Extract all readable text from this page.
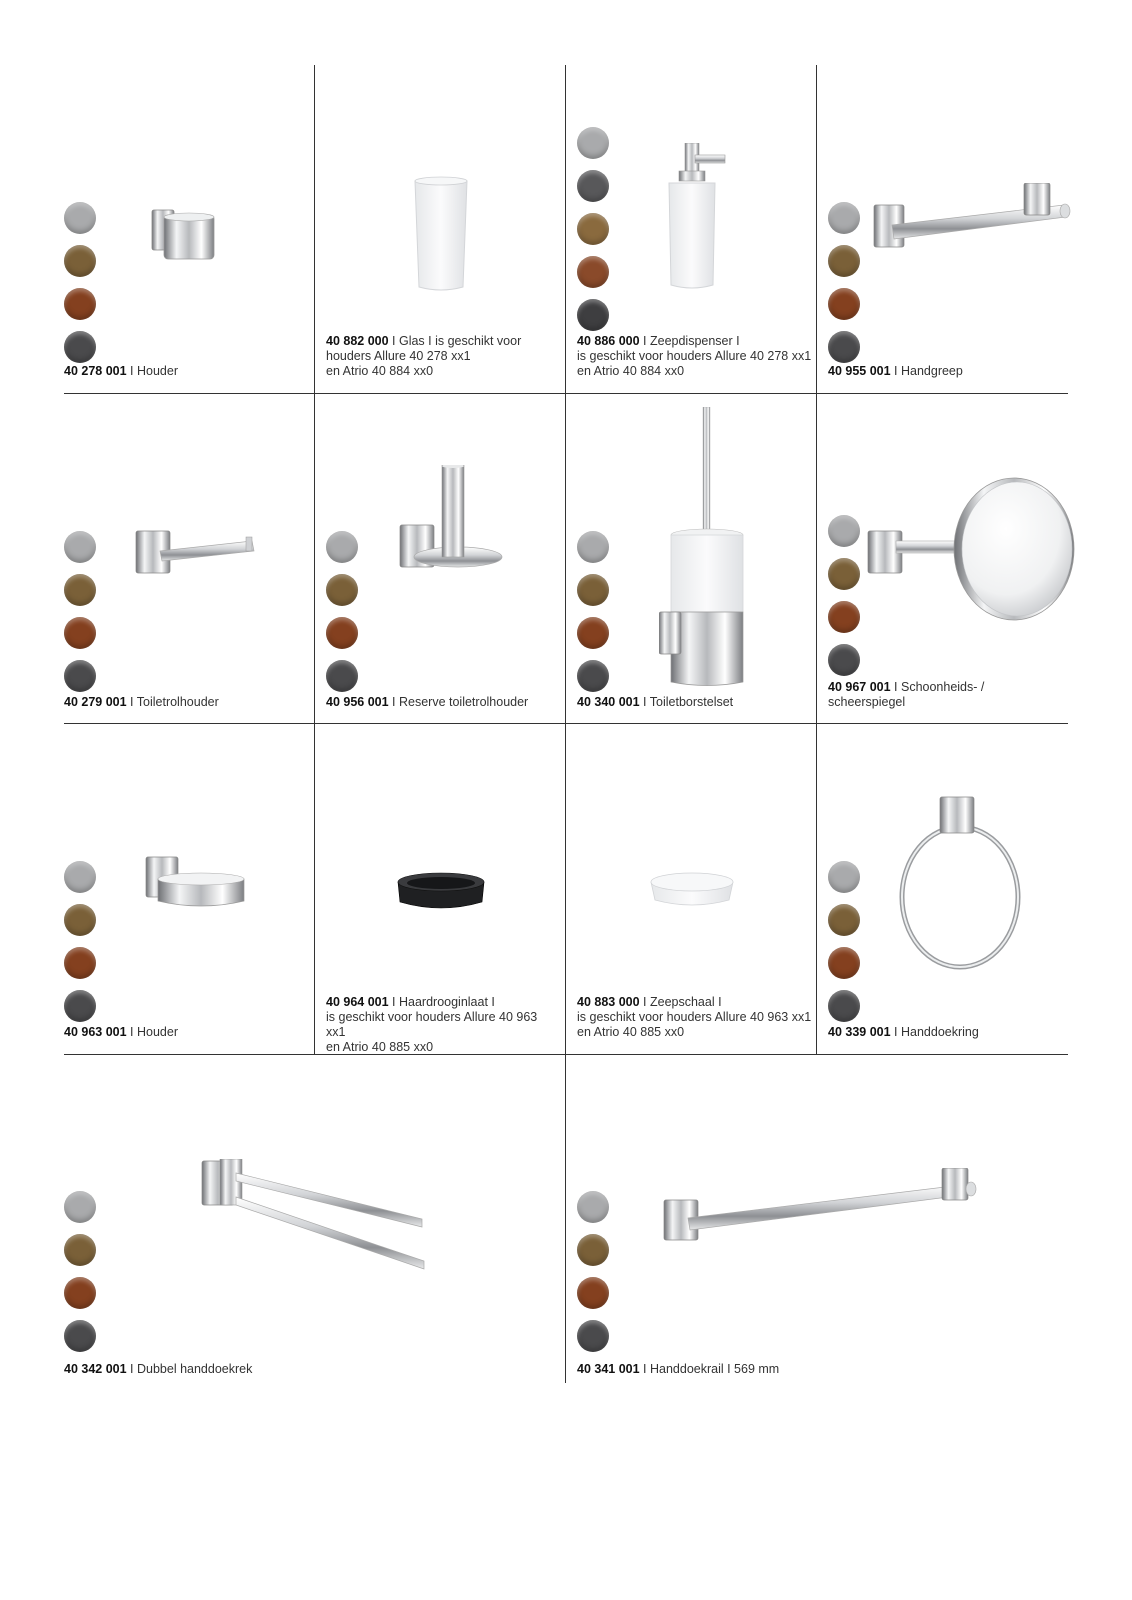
40 278 001 I Houder
40 882 000 I Glas I is geschikt voor
houders Allure 40 278 xx1
en Atrio 40 884 xx0
40 886 000 I Zeepdispenser I
is geschikt voor houders Allure 40 278 xx1
en Atrio 40 884 xx0	40 955 001 I Handgreep
40 279 001 I Toiletrolhouder	40 956 001 I Reserve toiletrolhouder	40 340 001 I Toiletborstelset
40 967 001 I Schoonheids- /
scheerspiegel
40 963 001 I Houder
40 964 001 I Haardrooginlaat I
is geschikt voor houders Allure 40 963 xx1
en Atrio 40 885 xx0
40 883 000 I Zeepschaal I
is geschikt voor houders Allure 40 963 xx1
en Atrio 40 885 xx0	40 339 001 I Handdoekring
40 342 001 I Dubbel handdoekrek	40 341 001 I Handdoekrail I 569 mm
